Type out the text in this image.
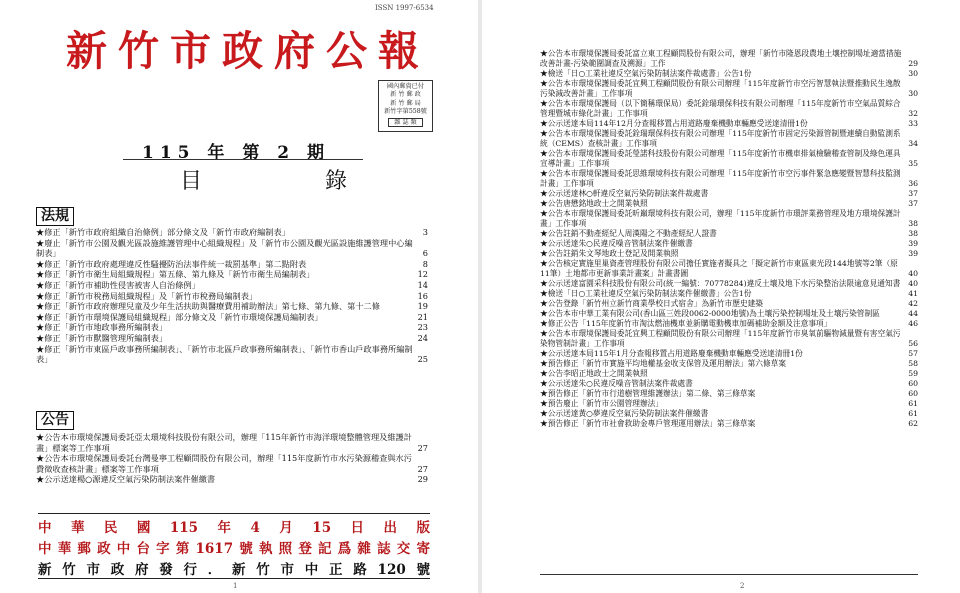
ISSN 1997-6534
新竹市政府公報
國內郵資已付
新 竹 郵 政
新 竹 郵 局
新竹字第558號
雜 誌 類
115 年 第 2 期
目 錄
法規
★修正「新竹市政府組織自治條例」部分條文及「新竹市政府編制表」	3
★廢止「新竹市公園及觀光區設施維護管理中心組織規程」及「新竹市公園及觀光區設施維護管理中心編制表」	6
★修正「新竹市政府處理違反性騷擾防治法事件統一裁罰基準」第二點附表	8
★修正「新竹市衛生局組織規程」第五條、第九條及「新竹市衛生局編制表」	12
★修正「新竹市補助性侵害被害人自治條例」	14
★修正「新竹市稅務局組織規程」及「新竹市稅務局編制表」	16
★修正「新竹市政府辦理兒童及少年生活扶助與醫療費用補助辦法」第七條、第九條、第十二條	19
★修正「新竹市環境保護局組織規程」部分條文及「新竹市環境保護局編制表」	21
★修正「新竹市地政事務所編制表」	23
★修正「新竹市獸醫管理所編制表」	24
★修正「新竹市東區戶政事務所編制表」、「新竹市北區戶政事務所編制表」、「新竹市香山戶政事務所編制表」	25
公告
★公告本市環境保護局委託亞太環境科技股份有限公司，辦理「115年新竹市海洋環境整體管理及維護計畫」標案等工作事項	27
★公告本市環境保護局委託台灣曼寧工程顧問股份有限公司，辦理「115年度新竹市水污染源稽查與水污費徵收查核計畫」標案等工作事項	27
★公示送達楊○源違反空氣污染防制法案件催繳書	29
中華民國115年4月15日出版
中華郵政中台字第1617號執照登記爲雜誌交寄
新竹市政府發行．新竹市中正路120號
1
★公告本市環境保護局委託富立東工程顧問股份有限公司，辦理「新竹市隆恩段農地土壤控制場址適當措施改善計畫-污染範圍調查及溯源」工作	29
★檢送「日○工業社違反空氣污染防制法案件裁處書」公告1份	30
★公告本市環境保護局委託宜興工程顧問股份有限公司辦理「115年度新竹市空污智慧執法暨推動民生逸散污染減改善計畫」工作事項	30
★公告本市環境保護局（以下簡稱環保局）委託銓瑞環保科技有限公司辦理「115年度新竹市空氣品質綜合管理暨城市綠化計畫」工作事項	32
★公示送達本局114年12月分查報移置占用道路廢棄機動車輛應受送達清冊1份	33
★公告本市環境保護局委託銓瑞環保科技有限公司辦理「115年度新竹市固定污染源管制暨連續自動監測系統（CEMS）查核計畫」工作事項	34
★公告本市環境保護局委託瑩諾科技股份有限公司辦理「115年度新竹市機車排氣檢驗稽查管制及綠色運具宣導計畫」工作事項	35
★公告本市環境保護局委託思維環境科技有限公司辦理「115年度新竹市空污事件緊急應變暨智慧科技監測計畫」工作事項	36
★公示送達林○軒違反空氣污染防制法案件裁處書	37
★公告唐懋銘地政士之開業執照	37
★公告本市環境保護局委託昕巔環境科技有限公司，辦理「115年度新竹市環評業務管理及地方環境保護計畫」工作事項	38
★公告註銷不動產經紀人周漢陽之不動產經紀人證書	38
★公示送達朱○民違反噪音管制法案件催繳書	39
★公告註銷朱文琴地政士登記及開業執照	39
★公告核定實施里巢資產管理股份有限公司擔任實施者擬具之「擬定新竹市東區東光段144地號等2筆（原11筆）土地都市更新事業計畫案」計畫書圖	40
★公示送達富園采科技股份有限公司(統一編號：70778284)違反土壤及地下水污染整治法限逾意見通知書	40
★檢送「日○工業社違反空氣污染防制法案件催繳書」公告1份	41
★公告登錄「新竹州立新竹商業學校日式宿舍」為新竹市歷史建築	42
★公告本市中華工業有限公司(香山區三姓段0062-0000地號)為土壤污染控制場址及土壤污染管制區	44
★修正公告「115年度新竹市淘汰燃油機車並新購電動機車加碼補助金額及注意事項」	46
★公告本市環境保護局委託宜興工程顧問股份有限公司辦理「115年度新竹市臭氧前驅物減量暨有害空氣污染物管制計畫」工作事項	56
★公示送達本局115年1月分查報移置占用道路廢棄機動車輛應受送達清冊1份	57
★預告修正「新竹市實施平均地權基金收支保管及運用辦法」第六條草案	58
★公告李昭正地政士之開業執照	59
★公示送達朱○民違反噪音管制法案件裁處書	60
★預告修正「新竹市行道樹管理維護辦法」第二條、第三條草案	60
★預告廢止「新竹市公園管理辦法」	61
★公示送達黃○夢違反空氣污染防制法案件催繳書	61
★預告修正「新竹市社會救助金專戶管理運用辦法」第三條草案	62
2
